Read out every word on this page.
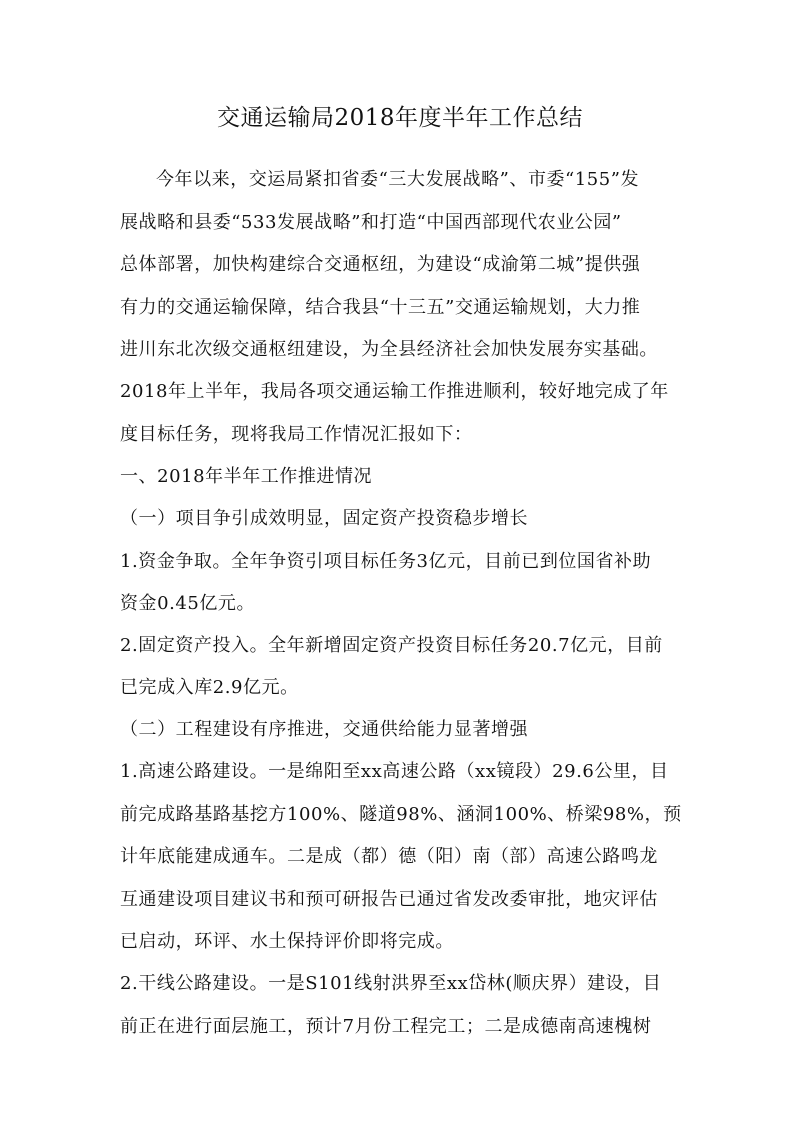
交通运输局2018年度半年工作总结
今年以来，交运局紧扣省委“三大发展战略”、市委“155”发
展战略和县委“533发展战略”和打造“中国西部现代农业公园”
总体部署，加快构建综合交通枢纽，为建设“成渝第二城”提供强
有力的交通运输保障，结合我县“十三五”交通运输规划，大力推
进川东北次级交通枢纽建设，为全县经济社会加快发展夯实基础。
2018年上半年，我局各项交通运输工作推进顺利，较好地完成了年
度目标任务，现将我局工作情况汇报如下：
一、2018年半年工作推进情况
（一）项目争引成效明显，固定资产投资稳步增长
1.资金争取。全年争资引项目标任务3亿元，目前已到位国省补助
资金0.45亿元。
2.固定资产投入。全年新增固定资产投资目标任务20.7亿元，目前
已完成入库2.9亿元。
（二）工程建设有序推进，交通供给能力显著增强
1.高速公路建设。一是绵阳至xx高速公路（xx镜段）29.6公里，目
前完成路基路基挖方100%、隧道98%、涵洞100%、桥梁98%，预
计年底能建成通车。二是成（都）德（阳）南（部）高速公路鸣龙
互通建设项目建议书和预可研报告已通过省发改委审批，地灾评估
已启动，环评、水土保持评价即将完成。
2.干线公路建设。一是S101线射洪界至xx岱林(顺庆界）建设，目
前正在进行面层施工，预计7月份工程完工；二是成德南高速槐树
